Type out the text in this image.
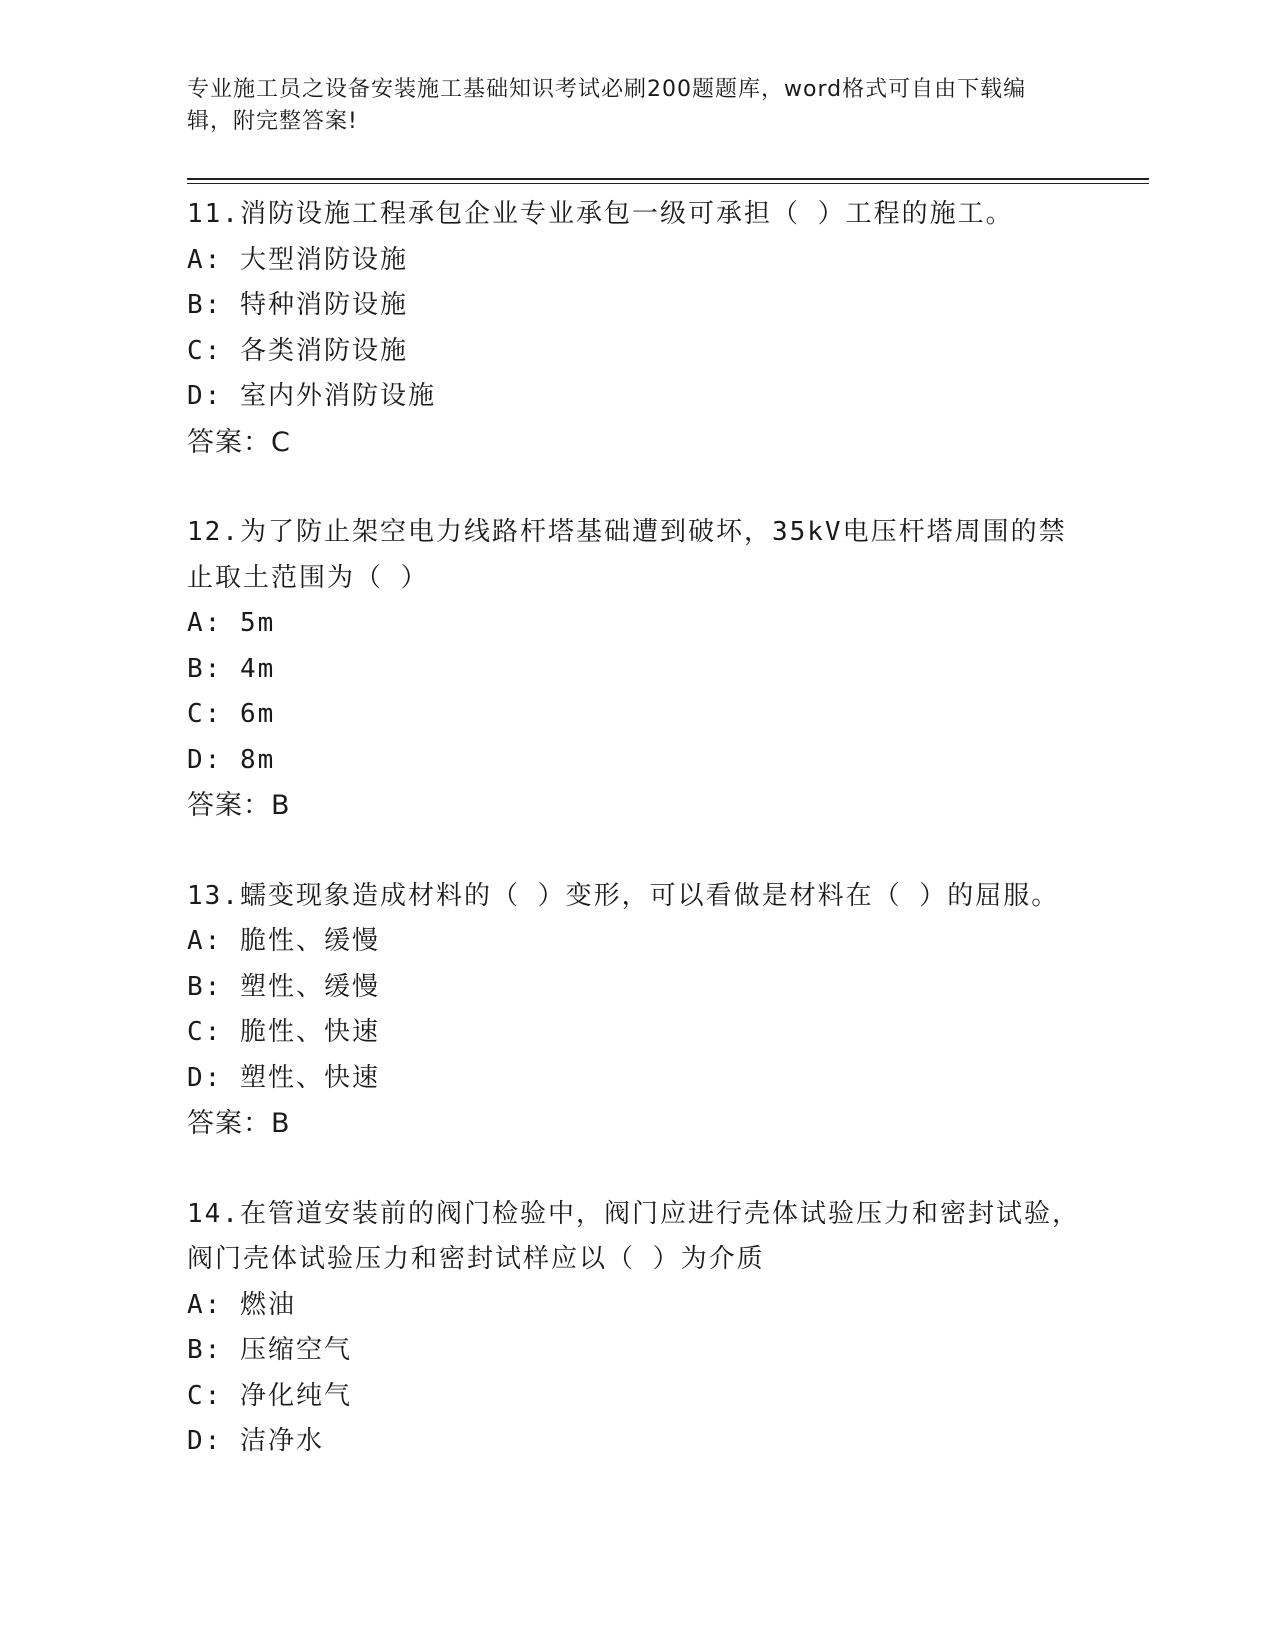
专业施工员之设备安装施工基础知识考试必刷200题题库，word格式可自由下载编辑，附完整答案!
11.消防设施工程承包企业专业承包一级可承担（ ）工程的施工。
A: 大型消防设施
B: 特种消防设施
C: 各类消防设施
D: 室内外消防设施
答案：C
12.为了防止架空电力线路杆塔基础遭到破坏，35kV电压杆塔周围的禁止取土范围为（ ）
A: 5m
B: 4m
C: 6m
D: 8m
答案：B
13.蠕变现象造成材料的（ ）变形，可以看做是材料在（ ）的屈服。
A: 脆性、缓慢
B: 塑性、缓慢
C: 脆性、快速
D: 塑性、快速
答案：B
14.在管道安装前的阀门检验中，阀门应进行壳体试验压力和密封试验，阀门壳体试验压力和密封试样应以（ ）为介质
A: 燃油
B: 压缩空气
C: 净化纯气
D: 洁净水
